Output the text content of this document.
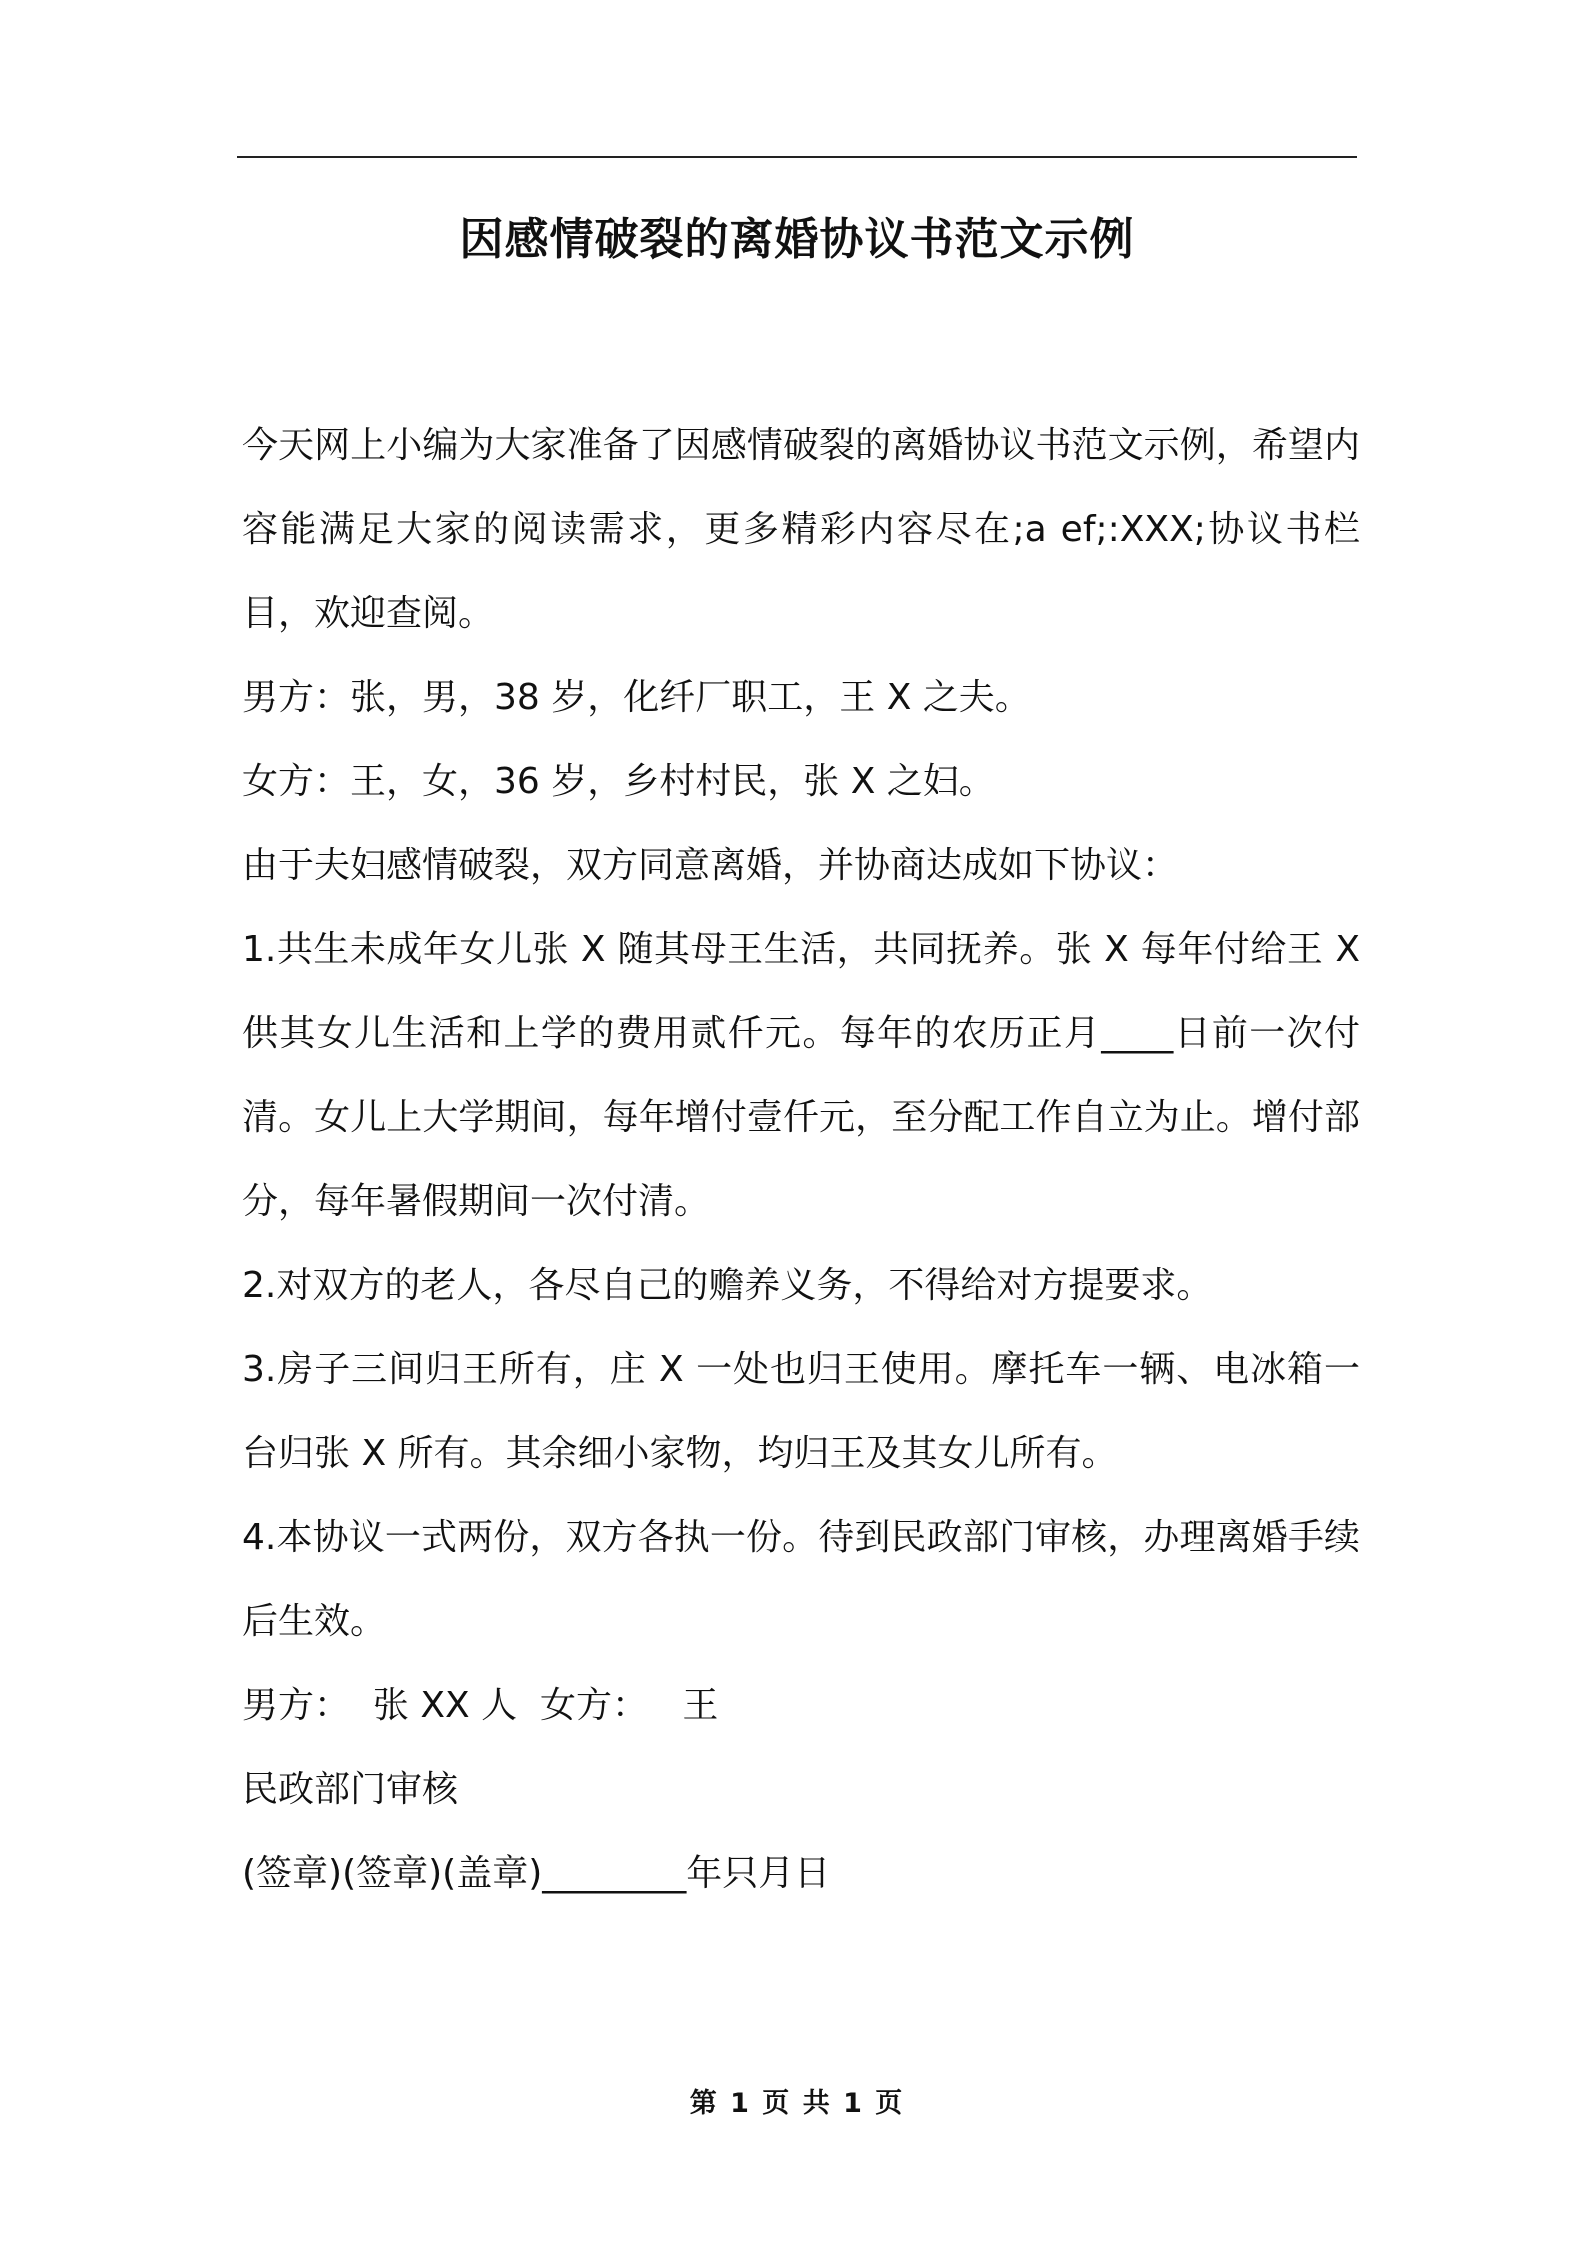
因感情破裂的离婚协议书范文示例

今天网上小编为大家准备了因感情破裂的离婚协议书范文示例，希望内容能满足大家的阅读需求，更多精彩内容尽在;a ef;:XXX;协议书栏目，欢迎查阅。

男方：张，男，38 岁，化纤厂职工，王 X 之夫。

女方：王，女，36 岁，乡村村民，张 X 之妇。

由于夫妇感情破裂，双方同意离婚，并协商达成如下协议：

1.共生未成年女儿张 X 随其母王生活，共同抚养。张 X 每年付给王 X 供其女儿生活和上学的费用贰仟元。每年的农历正月____日前一次付清。女儿上大学期间，每年增付壹仟元，至分配工作自立为止。增付部分，每年暑假期间一次付清。

2.对双方的老人，各尽自己的赡养义务，不得给对方提要求。

3.房子三间归王所有，庄 X 一处也归王使用。摩托车一辆、电冰箱一台归张 X 所有。其余细小家物，均归王及其女儿所有。

4.本协议一式两份，双方各执一份。待到民政部门审核，办理离婚手续后生效。

男方：  张 XX 人  女方：   王

民政部门审核

(签章)(签章)(盖章)________年只月日

第 1 页 共 1 页
